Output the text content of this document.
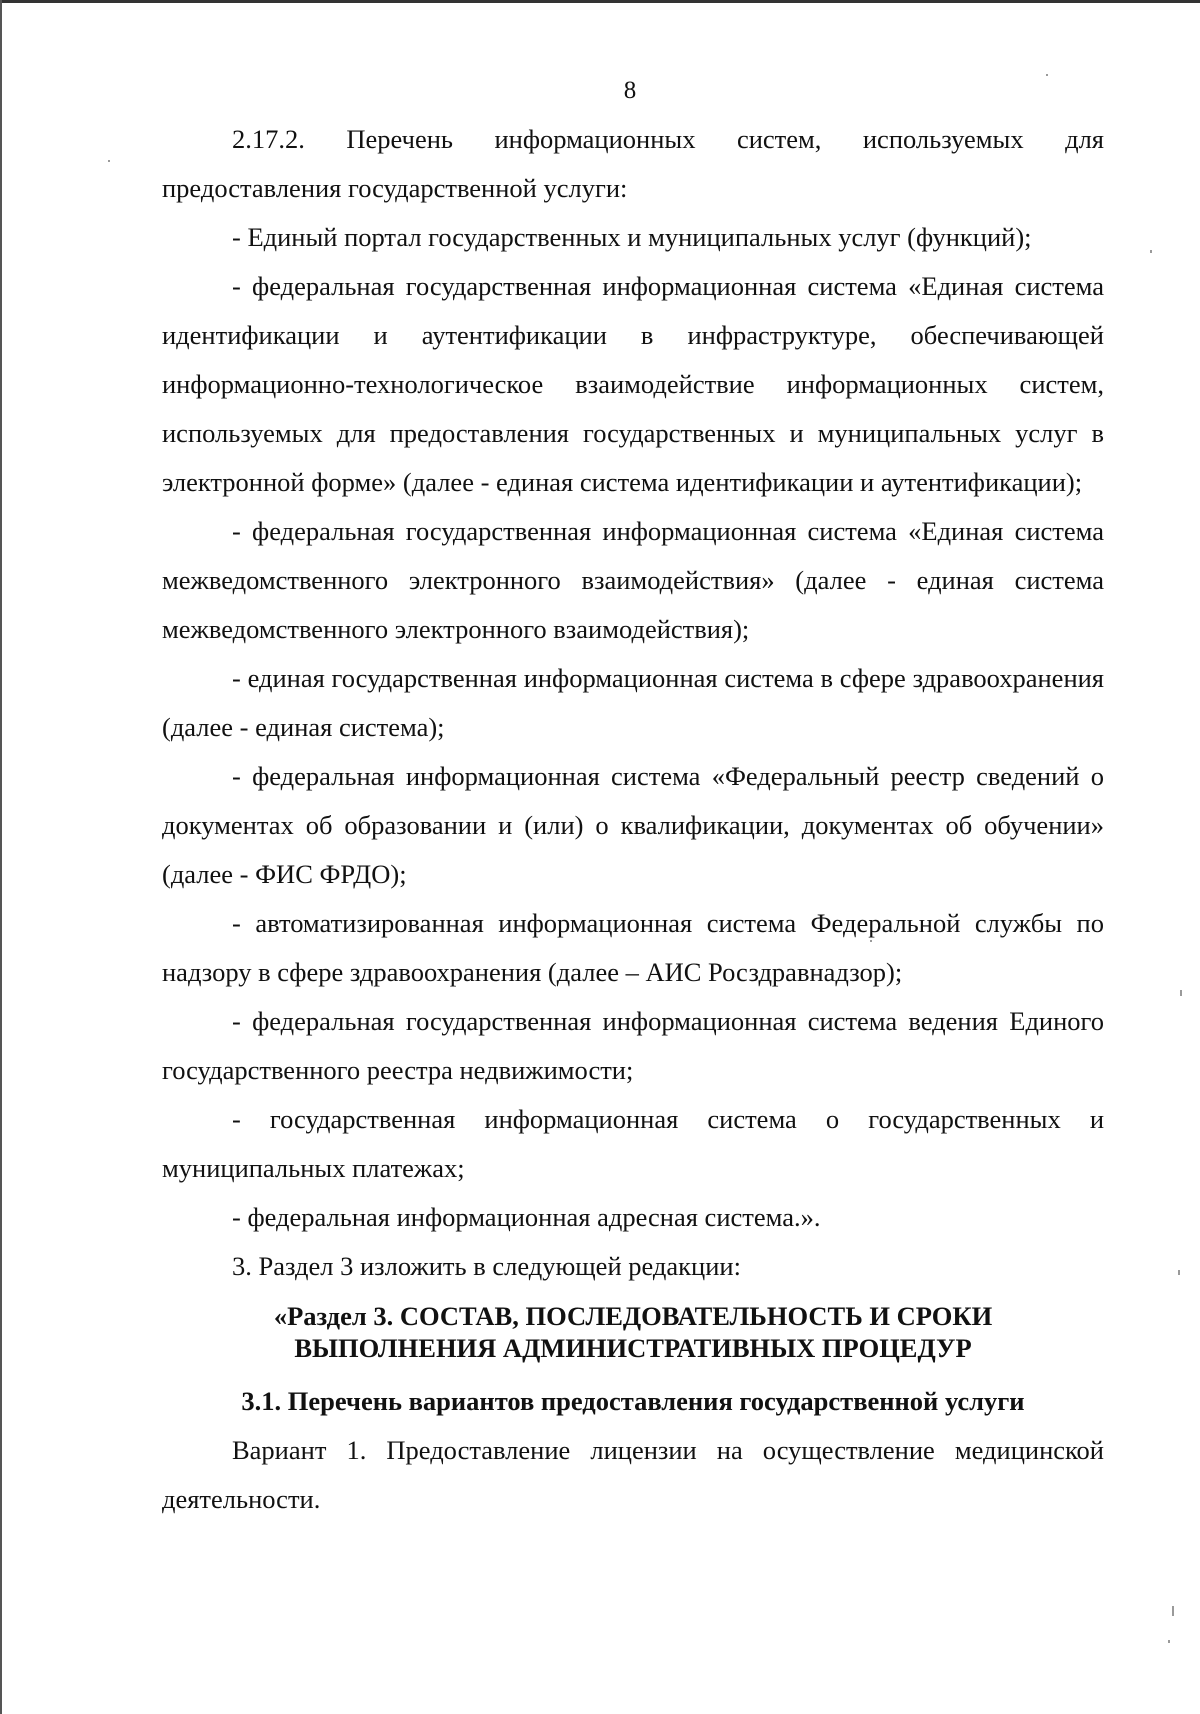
8

2.17.2. Перечень информационных систем, используемых для предоставления государственной услуги:

- Единый портал государственных и муниципальных услуг (функций);

- федеральная государственная информационная система «Единая система идентификации и аутентификации в инфраструктуре, обеспечивающей информационно-технологическое взаимодействие информационных систем, используемых для предоставления государственных и муниципальных услуг в электронной форме» (далее - единая система идентификации и аутентификации);

- федеральная государственная информационная система «Единая система межведомственного электронного взаимодействия» (далее - единая система межведомственного электронного взаимодействия);

- единая государственная информационная система в сфере здравоохранения (далее - единая система);

- федеральная информационная система «Федеральный реестр сведений о документах об образовании и (или) о квалификации, документах об обучении» (далее - ФИС ФРДО);

- автоматизированная информационная система Федеральной службы по надзору в сфере здравоохранения (далее – АИС Росздравнадзор);

- федеральная государственная информационная система ведения Единого государственного реестра недвижимости;

- государственная информационная система о государственных и муниципальных платежах;

- федеральная информационная адресная система.».

3. Раздел 3 изложить в следующей редакции:

«Раздел 3. СОСТАВ, ПОСЛЕДОВАТЕЛЬНОСТЬ И СРОКИ
ВЫПОЛНЕНИЯ АДМИНИСТРАТИВНЫХ ПРОЦЕДУР
3.1. Перечень вариантов предоставления государственной услуги

Вариант 1. Предоставление лицензии на осуществление медицинской деятельности.
